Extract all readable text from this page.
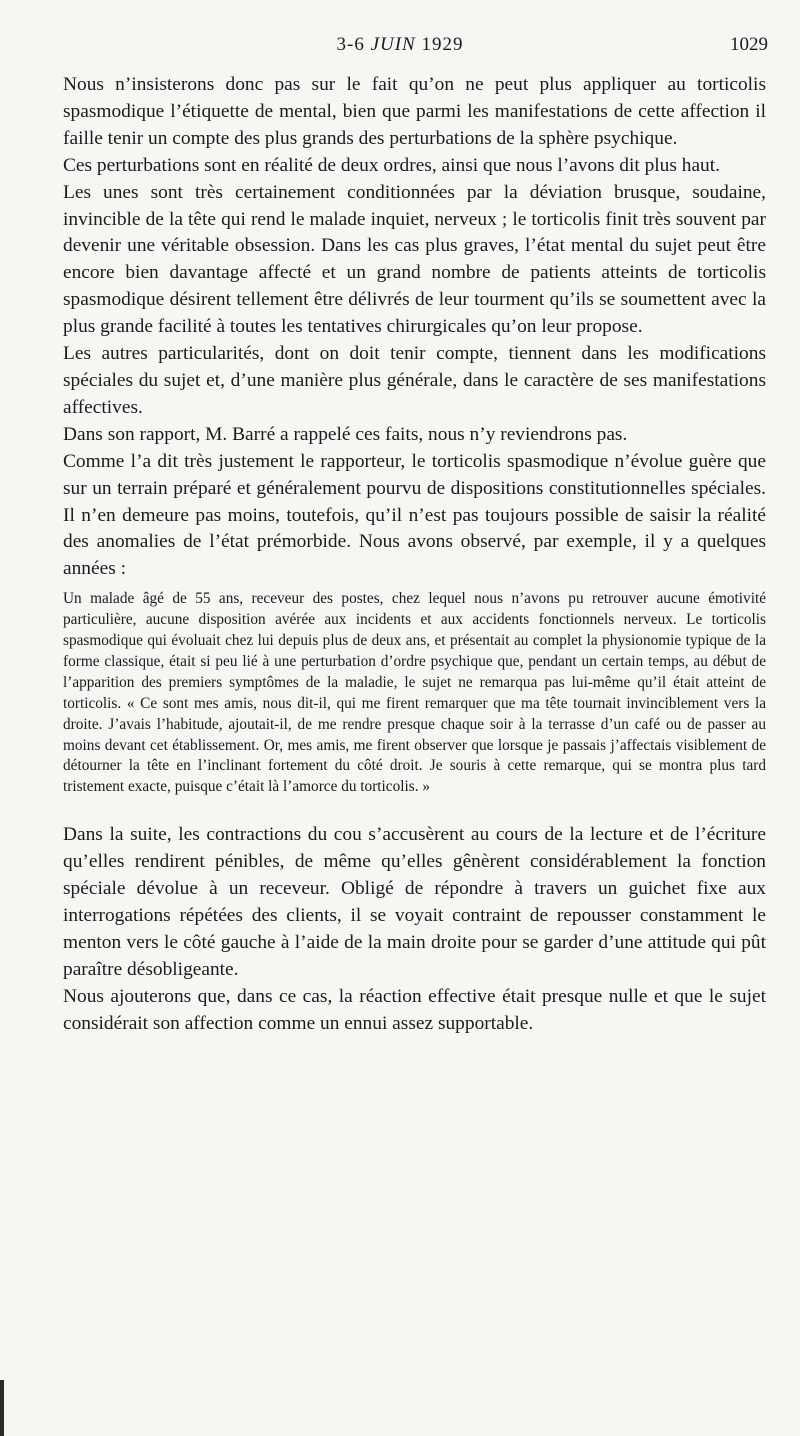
3-6 JUIN 1929	1029

Nous n’insisterons donc pas sur le fait qu’on ne peut plus appliquer au torticolis spasmodique l’étiquette de mental, bien que parmi les manifestations de cette affection il faille tenir un compte des plus grands des perturbations de la sphère psychique.

Ces perturbations sont en réalité de deux ordres, ainsi que nous l’avons dit plus haut.

Les unes sont très certainement conditionnées par la déviation brusque, soudaine, invincible de la tête qui rend le malade inquiet, nerveux ; le torticolis finit très souvent par devenir une véritable obsession. Dans les cas plus graves, l’état mental du sujet peut être encore bien davantage affecté et un grand nombre de patients atteints de torticolis spasmodique désirent tellement être délivrés de leur tourment qu’ils se soumettent avec la plus grande facilité à toutes les tentatives chirurgicales qu’on leur propose.

Les autres particularités, dont on doit tenir compte, tiennent dans les modifications spéciales du sujet et, d’une manière plus générale, dans le caractère de ses manifestations affectives.

Dans son rapport, M. Barré a rappelé ces faits, nous n’y reviendrons pas.

Comme l’a dit très justement le rapporteur, le torticolis spasmodique n’évolue guère que sur un terrain préparé et généralement pourvu de dispositions constitutionnelles spéciales. Il n’en demeure pas moins, toutefois, qu’il n’est pas toujours possible de saisir la réalité des anomalies de l’état prémorbide. Nous avons observé, par exemple, il y a quelques années :

Un malade âgé de 55 ans, receveur des postes, chez lequel nous n’avons pu retrouver aucune émotivité particulière, aucune disposition avérée aux incidents et aux accidents fonctionnels nerveux. Le torticolis spasmodique qui évoluait chez lui depuis plus de deux ans, et présentait au complet la physionomie typique de la forme classique, était si peu lié à une perturbation d’ordre psychique que, pendant un certain temps, au début de l’apparition des premiers symptômes de la maladie, le sujet ne remarqua pas lui-même qu’il était atteint de torticolis. « Ce sont mes amis, nous dit-il, qui me firent remarquer que ma tête tournait invinciblement vers la droite. J’avais l’habitude, ajoutait-il, de me rendre presque chaque soir à la terrasse d’un café ou de passer au moins devant cet établissement. Or, mes amis, me firent observer que lorsque je passais j’affectais visiblement de détourner la tête en l’inclinant fortement du côté droit. Je souris à cette remarque, qui se montra plus tard tristement exacte, puisque c’était là l’amorce du torticolis. »

Dans la suite, les contractions du cou s’accusèrent au cours de la lecture et de l’écriture qu’elles rendirent pénibles, de même qu’elles gênèrent considérablement la fonction spéciale dévolue à un receveur. Obligé de répondre à travers un guichet fixe aux interrogations répétées des clients, il se voyait contraint de repousser constamment le menton vers le côté gauche à l’aide de la main droite pour se garder d’une attitude qui pût paraître désobligeante.

Nous ajouterons que, dans ce cas, la réaction effective était presque nulle et que le sujet considérait son affection comme un ennui assez supportable.
